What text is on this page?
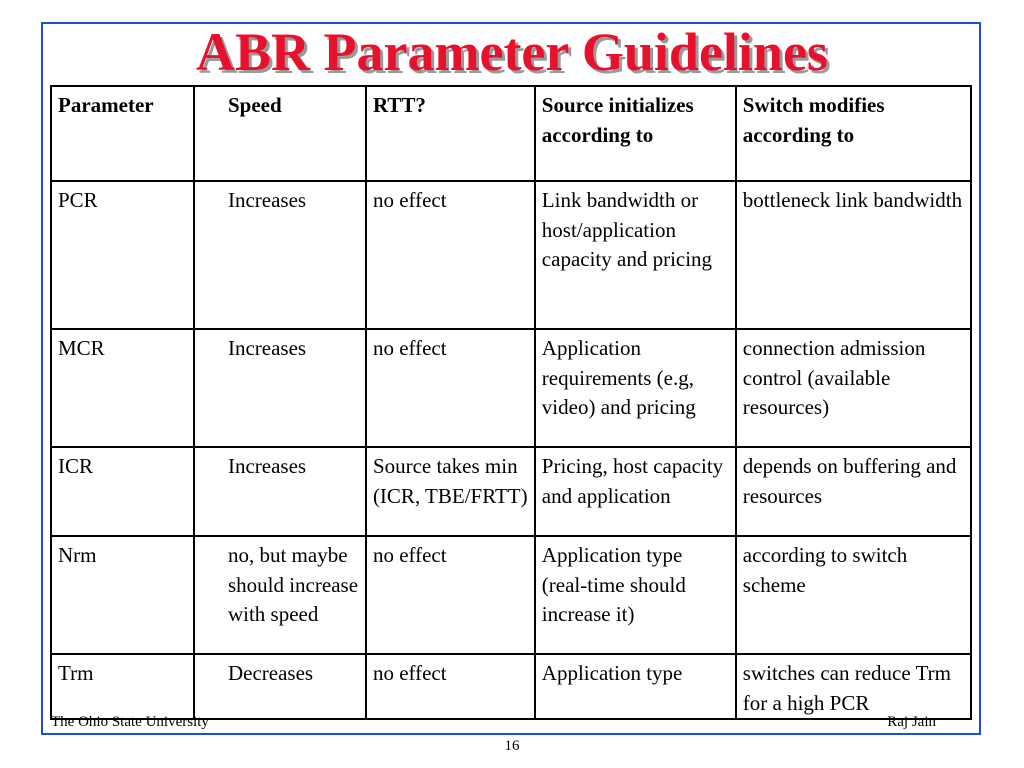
ABR Parameter Guidelines
Parameter	Speed	RTT?	Source initializes according to	Switch modifies according to
PCR	Increases	no effect	Link bandwidth or host/application capacity and pricing	bottleneck link bandwidth
MCR	Increases	no effect	Application requirements (e.g, video) and pricing	connection admission control (available resources)
ICR	Increases	Source takes min (ICR, TBE/FRTT)	Pricing, host capacity and application	depends on buffering and resources
Nrm	no, but maybe should increase with speed	no effect	Application type (real-time should increase it)	according to switch scheme
Trm	Decreases	no effect	Application type	switches can reduce Trm for a high PCR
The Ohio State University	Raj Jain
16
